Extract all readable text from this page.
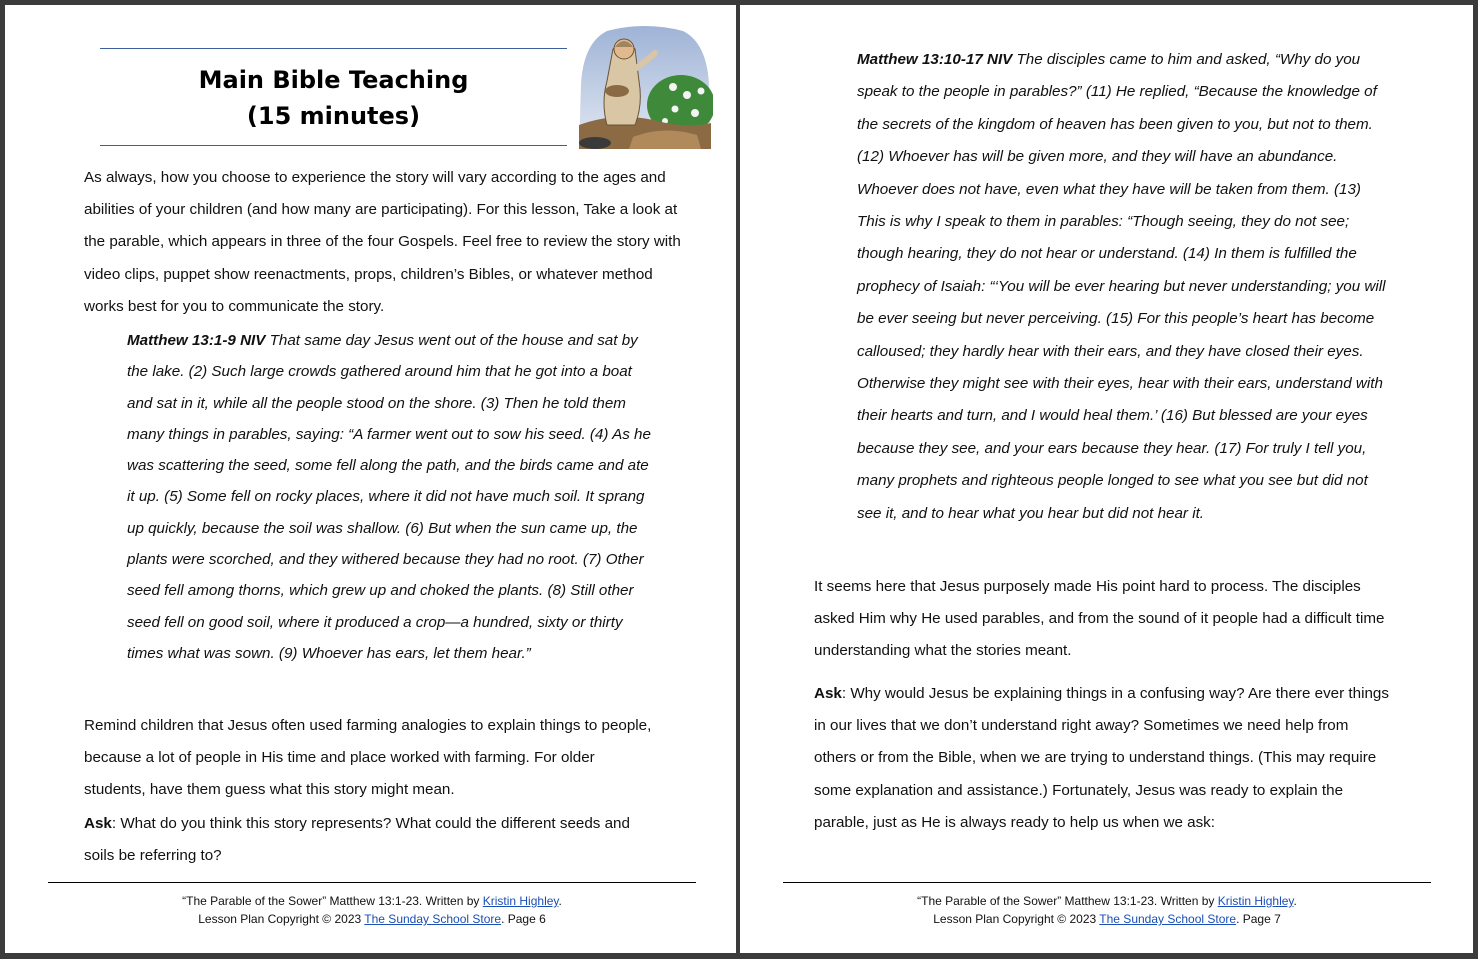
Main Bible Teaching
(15 minutes)

As always, how you choose to experience the story will vary according to the ages and abilities of your children (and how many are participating). For this lesson, Take a look at the parable, which appears in three of the four Gospels. Feel free to review the story with video clips, puppet show reenactments, props, children’s Bibles, or whatever method works best for you to communicate the story.

Matthew 13:1-9 NIV That same day Jesus went out of the house and sat by the lake. (2) Such large crowds gathered around him that he got into a boat and sat in it, while all the people stood on the shore. (3) Then he told them many things in parables, saying: “A farmer went out to sow his seed. (4) As he was scattering the seed, some fell along the path, and the birds came and ate it up. (5) Some fell on rocky places, where it did not have much soil. It sprang up quickly, because the soil was shallow. (6) But when the sun came up, the plants were scorched, and they withered because they had no root. (7) Other seed fell among thorns, which grew up and choked the plants. (8) Still other seed fell on good soil, where it produced a crop—a hundred, sixty or thirty times what was sown. (9) Whoever has ears, let them hear.”

Remind children that Jesus often used farming analogies to explain things to people, because a lot of people in His time and place worked with farming. For older students, have them guess what this story might mean.

Ask: What do you think this story represents? What could the different seeds and soils be referring to?

“The Parable of the Sower” Matthew 13:1-23. Written by Kristin Highley.
Lesson Plan Copyright © 2023 The Sunday School Store. Page 6

Matthew 13:10-17 NIV The disciples came to him and asked, “Why do you speak to the people in parables?” (11) He replied, “Because the knowledge of the secrets of the kingdom of heaven has been given to you, but not to them. (12) Whoever has will be given more, and they will have an abundance. Whoever does not have, even what they have will be taken from them. (13) This is why I speak to them in parables: “Though seeing, they do not see; though hearing, they do not hear or understand. (14) In them is fulfilled the prophecy of Isaiah: “‘You will be ever hearing but never understanding; you will be ever seeing but never perceiving. (15) For this people’s heart has become calloused; they hardly hear with their ears, and they have closed their eyes. Otherwise they might see with their eyes, hear with their ears, understand with their hearts and turn, and I would heal them.’ (16) But blessed are your eyes because they see, and your ears because they hear. (17) For truly I tell you, many prophets and righteous people longed to see what you see but did not see it, and to hear what you hear but did not hear it.

It seems here that Jesus purposely made His point hard to process. The disciples asked Him why He used parables, and from the sound of it people had a difficult time understanding what the stories meant.

Ask: Why would Jesus be explaining things in a confusing way? Are there ever things in our lives that we don’t understand right away? Sometimes we need help from others or from the Bible, when we are trying to understand things. (This may require some explanation and assistance.) Fortunately, Jesus was ready to explain the parable, just as He is always ready to help us when we ask:

“The Parable of the Sower” Matthew 13:1-23. Written by Kristin Highley.
Lesson Plan Copyright © 2023 The Sunday School Store. Page 7
